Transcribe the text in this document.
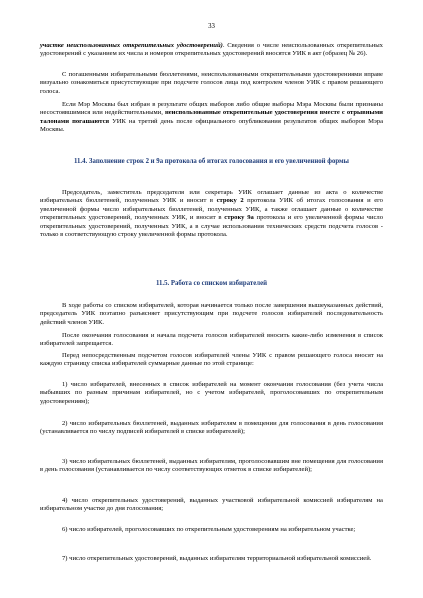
33

участке неиспользованных открепительных удостоверений). Сведения о числе неиспользованных открепительных удостоверений с указанием их числа и номеров открепительных удостоверений вносятся УИК в акт (образец № 26).

С погашенными избирательными бюллетенями, неиспользованными открепительными удостоверениями вправе визуально ознакомиться присутствующие при подсчете голосов лица под контролем членов УИК с правом решающего голоса.

Если Мэр Москвы был избран в результате общих выборов либо общие выборы Мэра Москвы были признаны несостоявшимися или недействительными, неиспользованные открепительные удостоверения вместе с отрывными талонами погашаются УИК на третий день после официального опубликования результатов общих выборов Мэра Москвы.

11.4. Заполнение строк 2 и 9а протокола об итогах голосования и его увеличенной формы

Председатель, заместитель председателя или секретарь УИК оглашает данные из акта о количестве избирательных бюллетеней, полученных УИК и вносит в строку 2 протокола УИК об итогах голосования и его увеличенной формы число избирательных бюллетеней, полученных УИК, а также оглашает данные о количестве открепительных удостоверений, полученных УИК, и вносит в строку 9а протокола и его увеличенной формы число открепительных удостоверений, полученных УИК, а в случае использования технических средств подсчета голосов - только в соответствующую строку увеличенной формы протокола.

11.5. Работа со списком избирателей

В ходе работы со списком избирателей, которая начинается только после завершения вышеуказанных действий, председатель УИК поэтапно разъясняет присутствующим при подсчете голосов избирателей последовательность действий членов УИК.

После окончания голосования и начала подсчета голосов избирателей вносить какие-либо изменения в список избирателей запрещается.

Перед непосредственным подсчетом голосов избирателей члены УИК с правом решающего голоса вносят на каждую страницу списка избирателей суммарные данные по этой странице:

1) число избирателей, внесенных в список избирателей на момент окончания голосования (без учета числа выбывших по разным причинам избирателей, но с учетом избирателей, проголосовавших по открепительным удостоверениям);

2) число избирательных бюллетеней, выданных избирателям в помещении для голосования в день голосования (устанавливается по числу подписей избирателей в списке избирателей);

3) число избирательных бюллетеней, выданных избирателям, проголосовавшим вне помещения для голосования в день голосования (устанавливается по числу соответствующих отметок в списке избирателей);

4) число открепительных удостоверений, выданных участковой избирательной комиссией избирателям на избирательном участке до дня голосования;

6) число избирателей, проголосовавших по открепительным удостоверениям на избирательном участке;

7) число открепительных удостоверений, выданных избирателям территориальной избирательной комиссией.
